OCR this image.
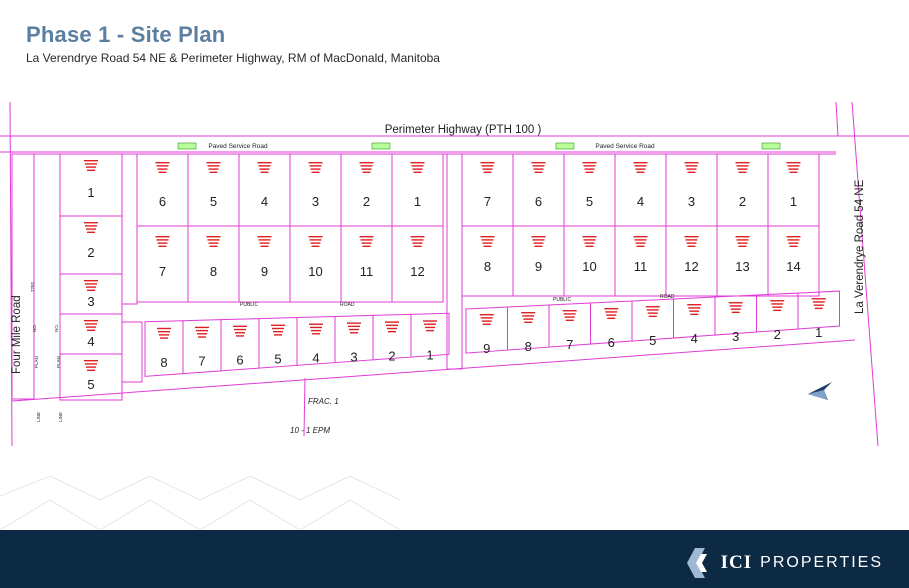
Phase 1 - Site Plan
La Verendrye Road 54 NE & Perimeter Highway, RM of MacDonald, Manitoba
1
2
3
4
5
6	5	4	3	2	1
7	8	9	10	11	12
7	6	5	4	3	2	1
8	9	10	11	12	13	14
8 7 6 5 4 3 2 1	9	8	7	6	5	4	3	2	1
Perimeter Highway (PTH 100 )
Paved Service Road	Paved Service Road
PUBLIC	ROAD
PUBLIC	ROAD
Four Mile Road
La Verendrye Road 54 NE
FRAC. 1
10 - 1 EPM
7292
PLAN	PLAN
NO.	NO.
LINE	LINE
ICI PROPERTIES
